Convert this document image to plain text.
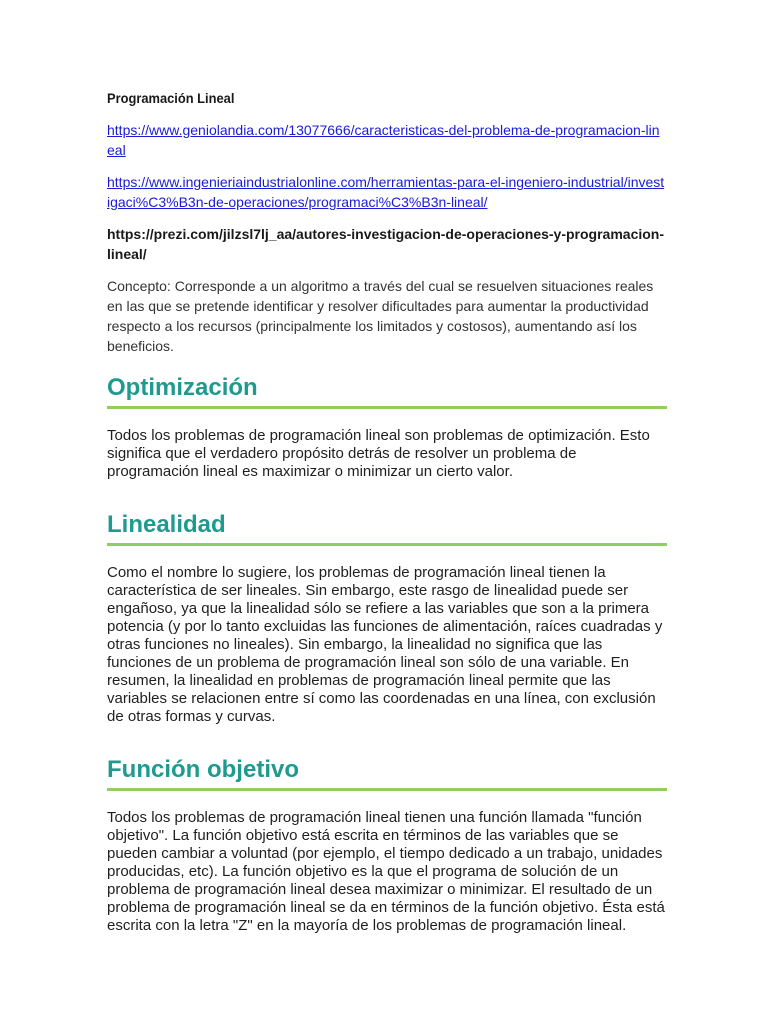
Programación Lineal

https://www.geniolandia.com/13077666/caracteristicas-del-problema-de-programacion-lineal

https://www.ingenieriaindustrialonline.com/herramientas-para-el-ingeniero-industrial/investigaci%C3%B3n-de-operaciones/programaci%C3%B3n-lineal/

https://prezi.com/jilzsl7lj_aa/autores-investigacion-de-operaciones-y-programacion-lineal/

Concepto: Corresponde a un algoritmo a través del cual se resuelven situaciones reales en las que se pretende identificar y resolver dificultades para aumentar la productividad respecto a los recursos (principalmente los limitados y costosos), aumentando así los beneficios.

Optimización

Todos los problemas de programación lineal son problemas de optimización. Esto significa que el verdadero propósito detrás de resolver un problema de programación lineal es maximizar o minimizar un cierto valor.

Linealidad

Como el nombre lo sugiere, los problemas de programación lineal tienen la característica de ser lineales. Sin embargo, este rasgo de linealidad puede ser engañoso, ya que la linealidad sólo se refiere a las variables que son a la primera potencia (y por lo tanto excluidas las funciones de alimentación, raíces cuadradas y otras funciones no lineales). Sin embargo, la linealidad no significa que las funciones de un problema de programación lineal son sólo de una variable. En resumen, la linealidad en problemas de programación lineal permite que las variables se relacionen entre sí como las coordenadas en una línea, con exclusión de otras formas y curvas.

Función objetivo

Todos los problemas de programación lineal tienen una función llamada "función objetivo". La función objetivo está escrita en términos de las variables que se pueden cambiar a voluntad (por ejemplo, el tiempo dedicado a un trabajo, unidades producidas, etc). La función objetivo es la que el programa de solución de un problema de programación lineal desea maximizar o minimizar. El resultado de un problema de programación lineal se da en términos de la función objetivo. Ésta está escrita con la letra "Z" en la mayoría de los problemas de programación lineal.
